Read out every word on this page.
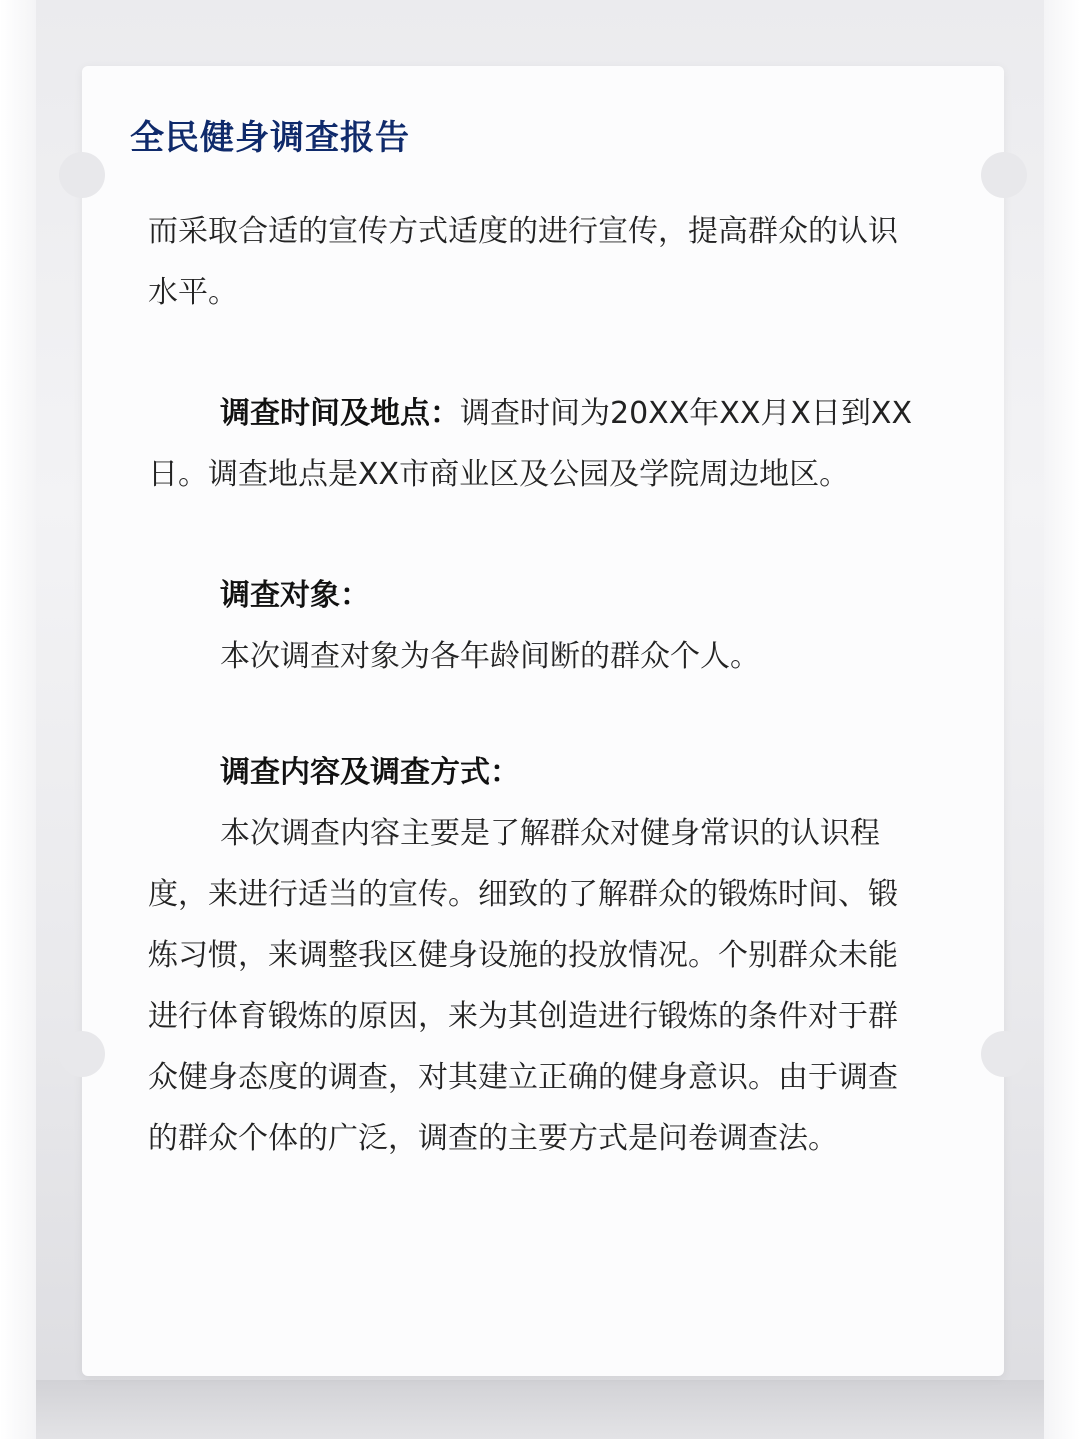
全民健身调查报告

而采取合适的宣传方式适度的进行宣传，提高群众的认识水平。

调查时间及地点：调查时间为20XX年XX月X日到XX日。调查地点是XX市商业区及公园及学院周边地区。

调查对象：

本次调查对象为各年龄间断的群众个人。

调查内容及调查方式：

本次调查内容主要是了解群众对健身常识的认识程度，来进行适当的宣传。细致的了解群众的锻炼时间、锻炼习惯，来调整我区健身设施的投放情况。个别群众未能进行体育锻炼的原因，来为其创造进行锻炼的条件对于群众健身态度的调查，对其建立正确的健身意识。由于调查的群众个体的广泛，调查的主要方式是问卷调查法。
